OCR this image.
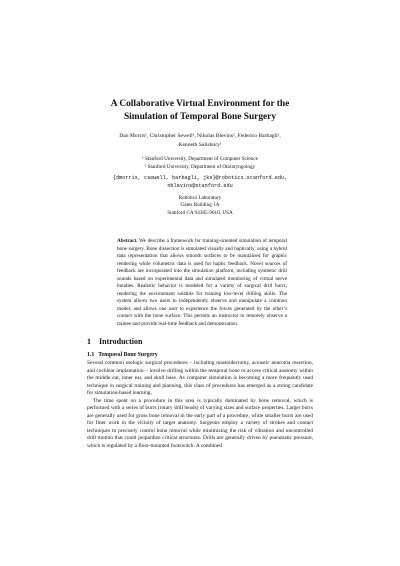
A Collaborative Virtual Environment for the
Simulation of Temporal Bone Surgery
Dan Morris¹, Christopher Sewell¹, Nikolas Blevins², Federico Barbagli¹,
Kenneth Salisbury¹
¹ Stanford University, Department of Computer Science
² Stanford University, Department of Otolaryngology
{dmorris, csewell, barbagli, jks}@robotics.stanford.edu,
nblevins@stanford.edu
Robotics Laboratory
Gates Building 1A
Stanford CA 94305-9010, USA
Abstract. We describe a framework for training-oriented simulation of temporal bone surgery. Bone dissection is simulated visually and haptically, using a hybrid data representation that allows smooth surfaces to be maintained for graphic rendering while volumetric data is used for haptic feedback. Novel sources of feedback are incorporated into the simulation platform, including synthetic drill sounds based on experimental data and simulated monitoring of virtual nerve bundles. Realistic behavior is modeled for a variety of surgical drill burrs, rendering the environment suitable for training low-level drilling skills. The system allows two users to independently observe and manipulate a common model, and allows one user to experience the forces generated by the other’s contact with the bone surface. This permits an instructor to remotely observe a trainee and provide real-time feedback and demonstration.
1 Introduction
1.1 Temporal Bone Surgery

Several common otologic surgical procedures – including mastoidectomy, acoustic neuroma resection, and cochlear implantation – involve drilling within the temporal bone to access critical anatomy within the middle ear, inner ear, and skull base. As computer simulation is becoming a more frequently used technique in surgical training and planning, this class of procedures has emerged as a strong candidate for simulation-based learning.

The time spent on a procedure in this area is typically dominated by bone removal, which is performed with a series of burrs (rotary drill heads) of varying sizes and surface properties. Larger burrs are generally used for gross bone removal in the early part of a procedure, while smaller burrs are used for finer work in the vicinity of target anatomy. Surgeons employ a variety of strokes and contact techniques to precisely control bone removal while minimizing the risk of vibration and uncontrolled drill motion that could jeopardize critical structures. Drills are generally driven by pneumatic pressure, which is regulated by a floor-mounted footswitch. A combined
